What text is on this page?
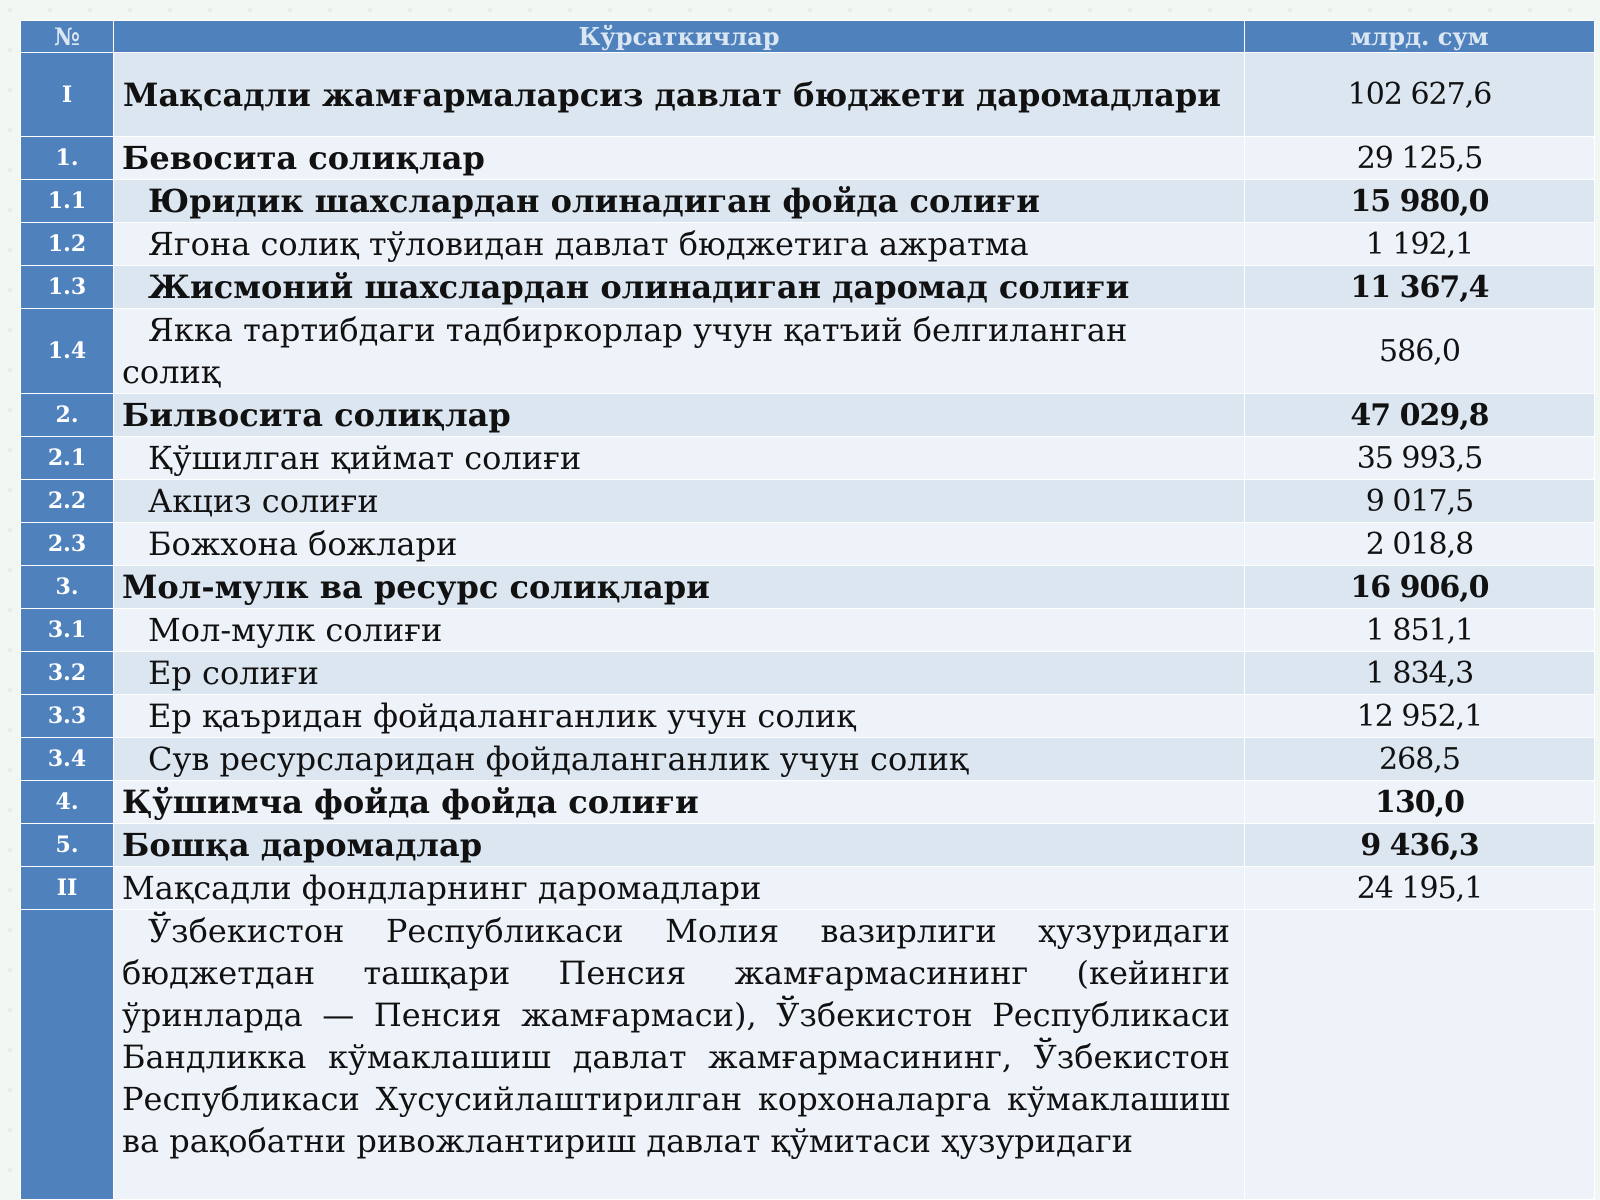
№	Кўрсаткичлар	млрд. сум
I	Мақсадли жамғармаларсиз давлат бюджети даромадлари	102 627,6
1.	Бевосита солиқлар	29 125,5
1.1	Юридик шахслардан олинадиган фойда солиғи	15 980,0
1.2	Ягона солиқ тўловидан давлат бюджетига ажратма	1 192,1
1.3	Жисмоний шахслардан олинадиган даромад солиғи	11 367,4
1.4	Якка тартибдаги тадбиркорлар учун қатъий белгиланган солиқ	586,0
2.	Билвосита солиқлар	47 029,8
2.1	Қўшилган қиймат солиғи	35 993,5
2.2	Акциз солиғи	9 017,5
2.3	Божхона божлари	2 018,8
3.	Мол-мулк ва ресурс солиқлари	16 906,0
3.1	Мол-мулк солиғи	1 851,1
3.2	Ер солиғи	1 834,3
3.3	Ер қаъридан фойдаланганлик учун солиқ	12 952,1
3.4	Сув ресурсларидан фойдаланганлик учун солиқ	268,5
4.	Қўшимча фойда фойда солиғи	130,0
5.	Бошқа даромадлар	9 436,3
II	Мақсадли фондларнинг даромадлари	24 195,1
	Ўзбекистон Республикаси Молия вазирлиги ҳузуридаги бюджетдан ташқари Пенсия жамғармасининг (кейинги ўринларда — Пенсия жамғармаси), Ўзбекистон Республикаси Бандликка кўмаклашиш давлат жамғармасининг, Ўзбекистон Республикаси Хусусийлаштирилган корхоналарга кўмаклашиш ва рақобатни ривожлантириш давлат қўмитаси ҳузуридаги	
